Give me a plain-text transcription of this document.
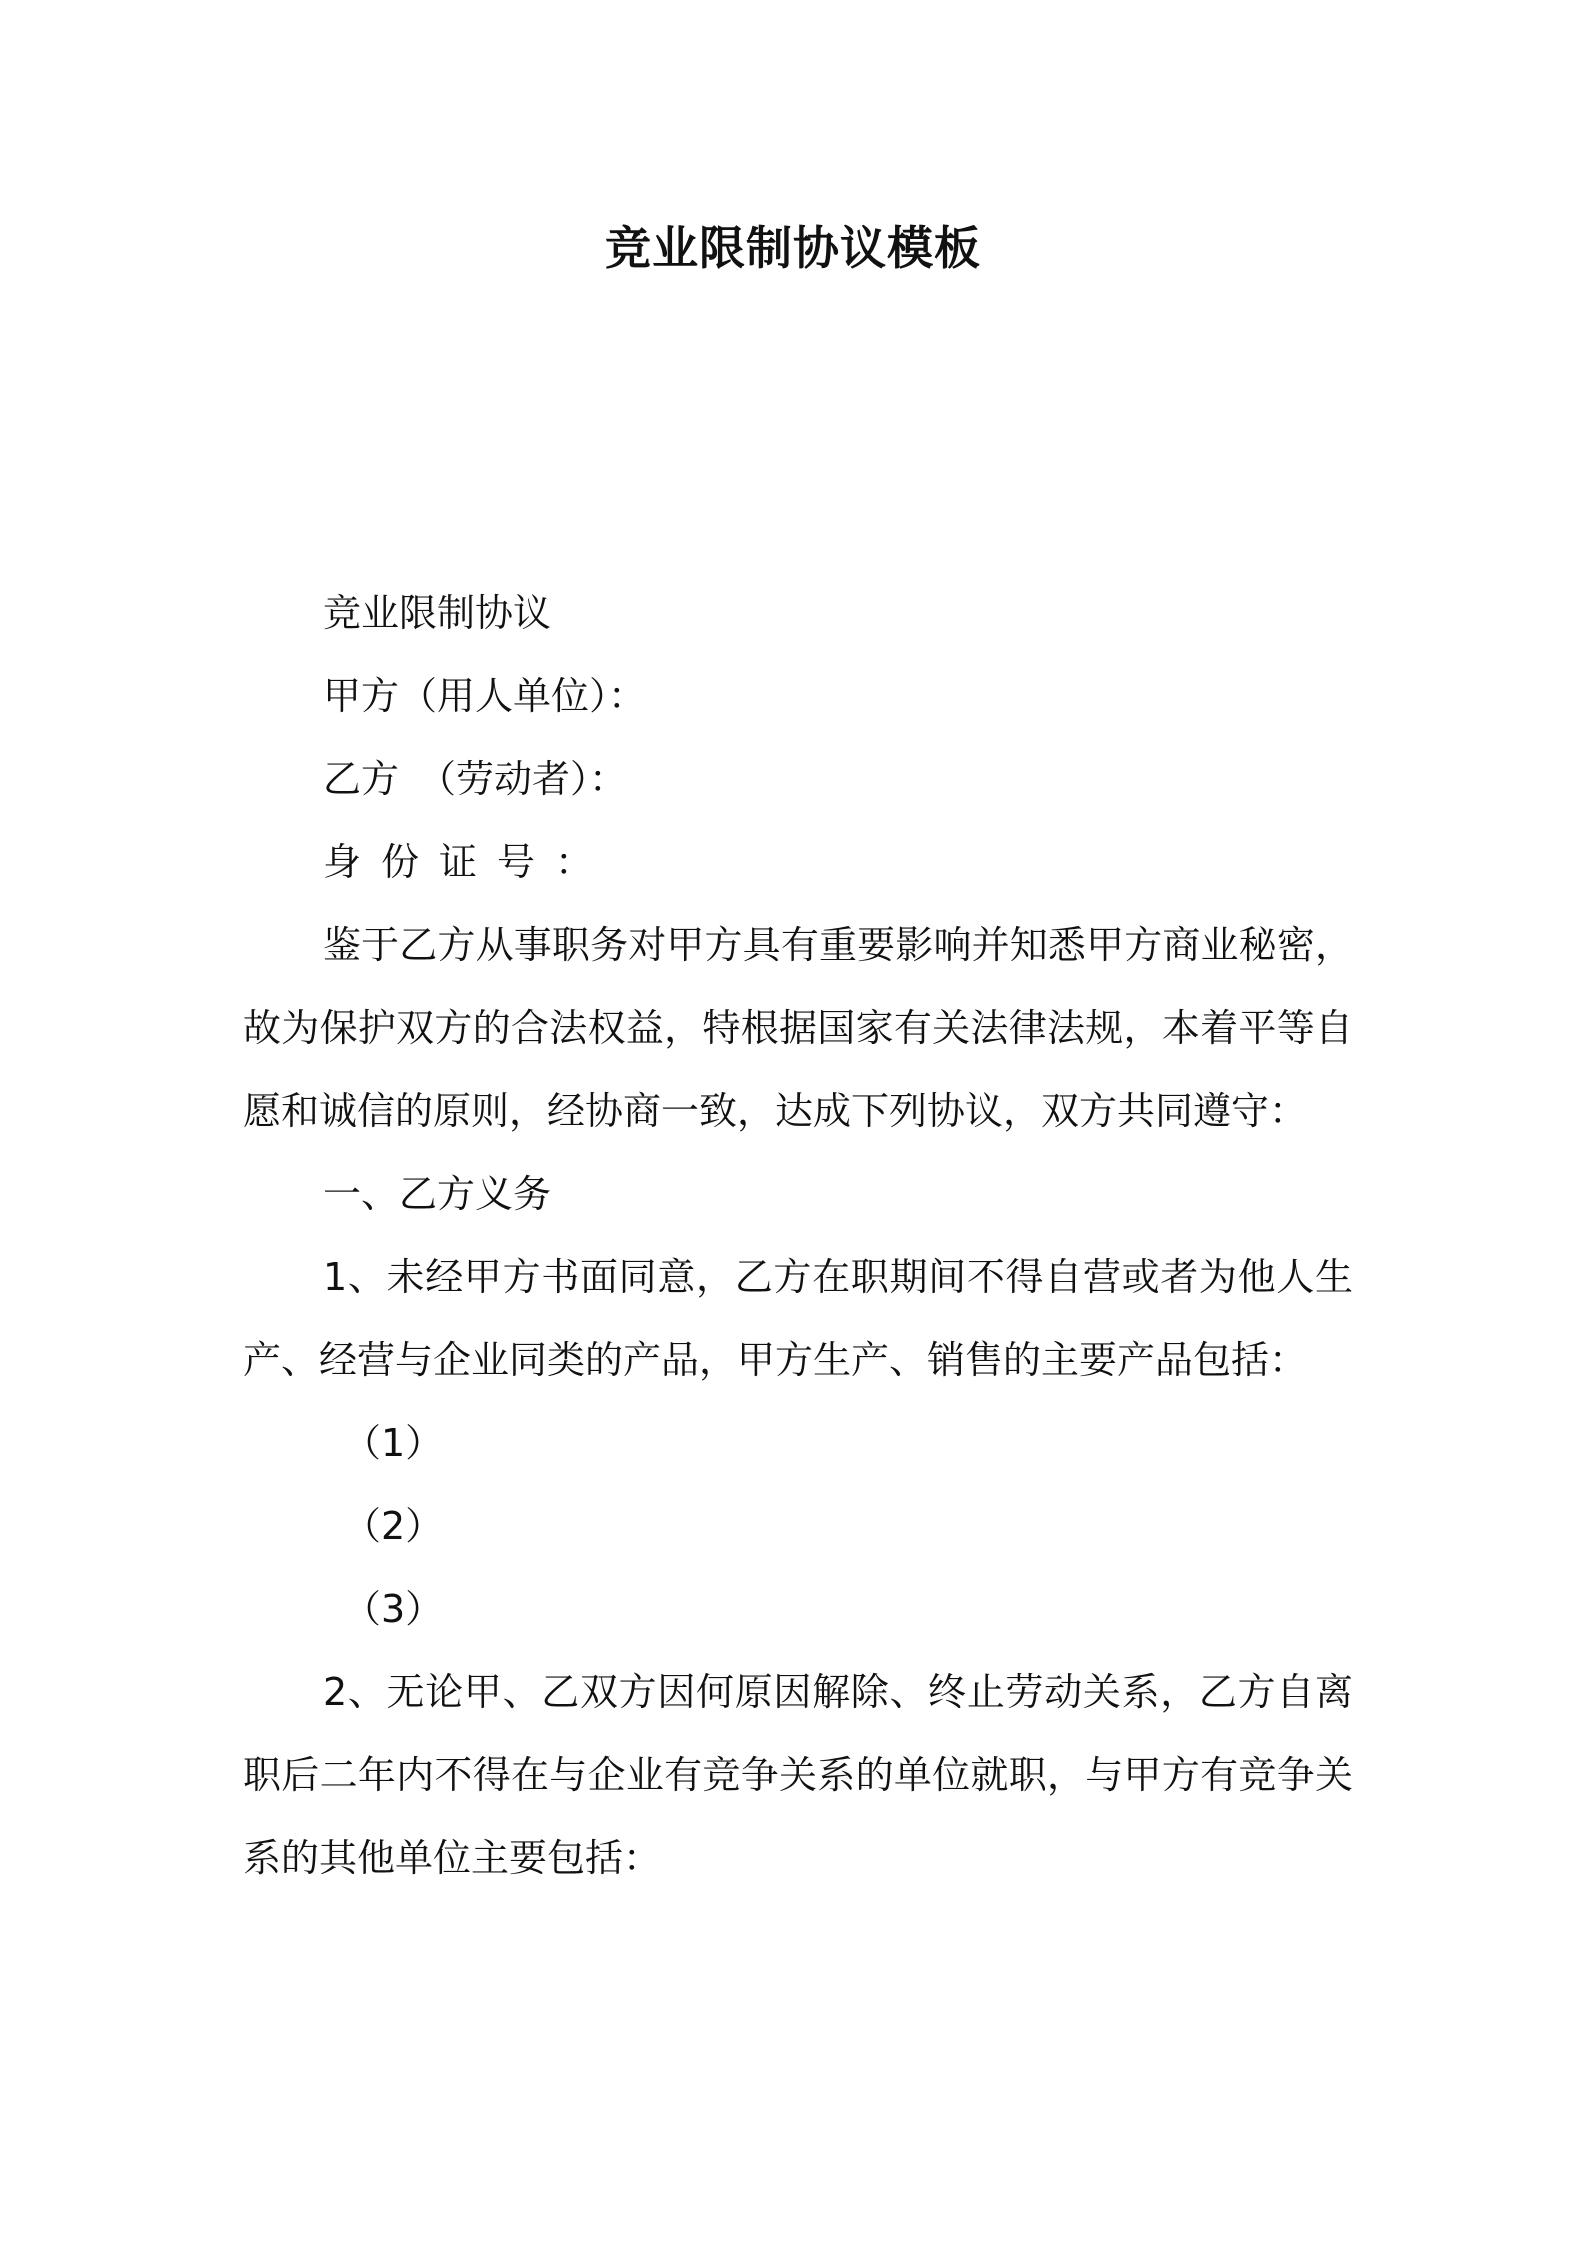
竞业限制协议模板
竞业限制协议
甲方（用人单位）：
乙方　（劳动者）：
身份证号：
鉴于乙方从事职务对甲方具有重要影响并知悉甲方商业秘密，故为保护双方的合法权益，特根据国家有关法律法规，本着平等自愿和诚信的原则，经协商一致，达成下列协议，双方共同遵守：
一、乙方义务
1、未经甲方书面同意，乙方在职期间不得自营或者为他人生产、经营与企业同类的产品，甲方生产、销售的主要产品包括：
（1）
（2）
（3）
2、无论甲、乙双方因何原因解除、终止劳动关系，乙方自离职后二年内不得在与企业有竞争关系的单位就职，与甲方有竞争关系的其他单位主要包括：
